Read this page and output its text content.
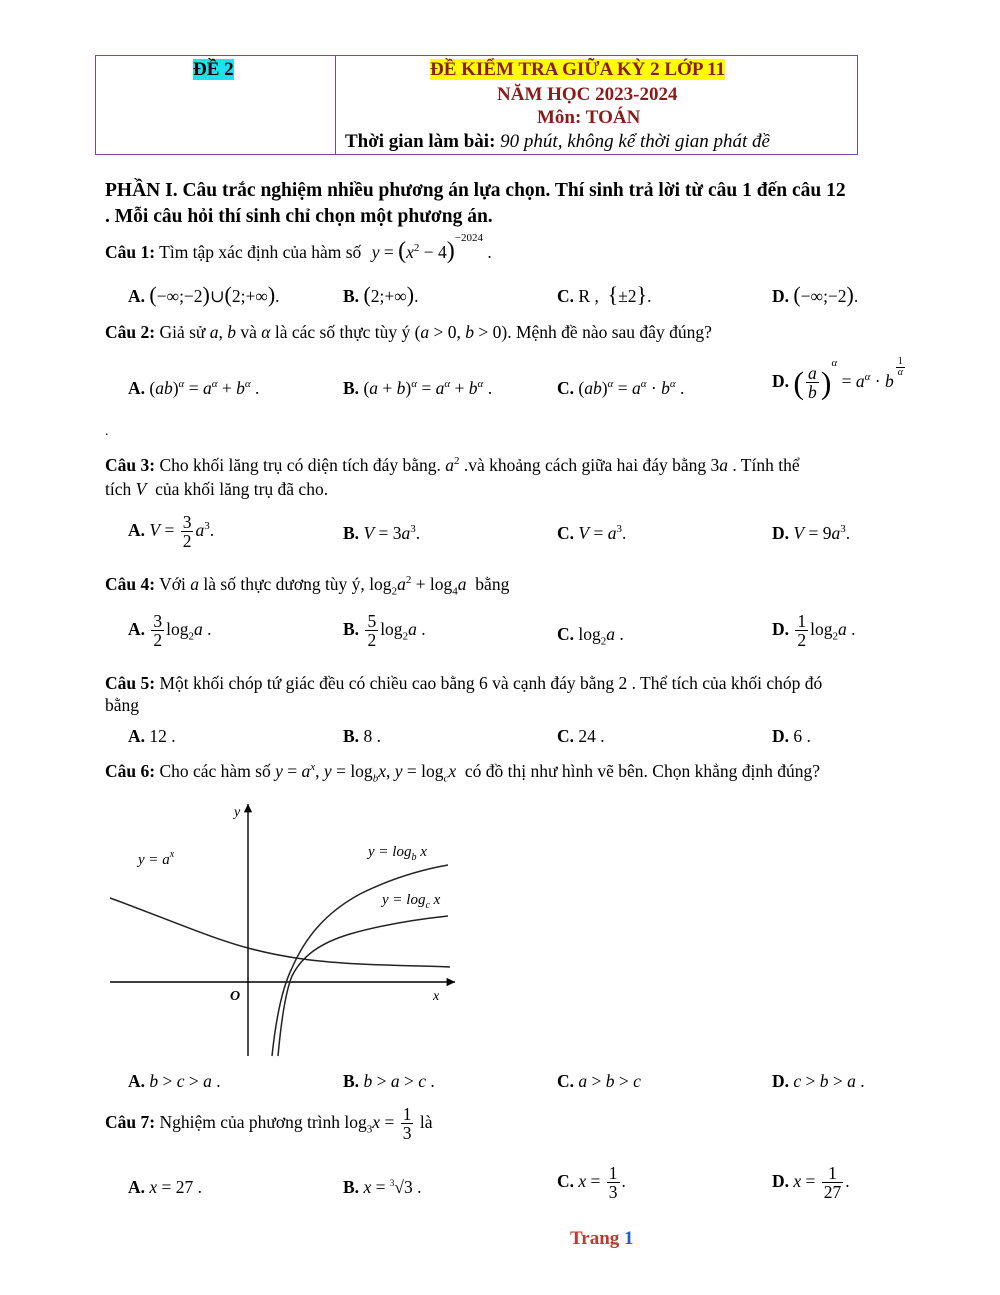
ĐỀ 2	ĐỀ KIỂM TRA GIỮA KỲ 2 LỚP 11
NĂM HỌC 2023-2024
Môn: TOÁN
Thời gian làm bài: 90 phút, không kể thời gian phát đề
PHẦN I. Câu trắc nghiệm nhiều phương án lựa chọn. Thí sinh trả lời từ câu 1 đến câu 12
. Mỗi câu hỏi thí sinh chỉ chọn một phương án.
Câu 1: Tìm tập xác định của hàm số $y = (x^2 - 4)^{-2024}$ .
A. (−∞;−2)∪(2;+∞).	B. (2;+∞).	C. R ,  {±2}.	D. (−∞;−2).
Câu 2: Giả sử a, b và α là các số thực tùy ý (a > 0, b > 0). Mệnh đề nào sau đây đúng?
A. $(ab)^\alpha = a^\alpha + b^\alpha$ .	B. $(a + b)^\alpha = a^\alpha + b^\alpha$ .	C. $(ab)^\alpha = a^\alpha \cdot b^\alpha$ .	D. ( $\frac{a}{b} )^\alpha = a^\alpha \cdot b$
$^{\frac{1}{\alpha}}$
.
Câu 3: Cho khối lăng trụ có diện tích đáy bằng. $a^2$ .và khoảng cách giữa hai đáy bằng 3a . Tính thể
tích V của khối lăng trụ đã cho.
A. $V = \frac{3}{2} a^3$.	B. $V = 3a^3$.	C. $V = a^3$.	D. $V = 9a^3$.
Câu 4: Với a là số thực dương tùy ý, $\log_2a^2 + \log_4a$ bằng
A. $\frac{3}{2} \log_2a$ .	B. $\frac{5}{2} \log_2a$ .	C. $\log_2a$ .	D. $\frac{1}{2} \log_2a$ .
Câu 5: Một khối chóp tứ giác đều có chiều cao bằng 6 và cạnh đáy bằng 2 . Thể tích của khối chóp đó
bằng
A. 12 .	B. 8 .	C. 24 .	D. 6 .
Câu 6: Cho các hàm số $y = a^x$, $y = \log_bx$, $y = \log_cx$ có đồ thị như hình vẽ bên. Chọn khẳng định đúng?
y
x
O
$y = a^x$	$y = \log_b x$
$y = \log_c x$
A. b > c > a .	B. b > a > c .	C. a > b > c	D. c > b > a .
Câu 7: Nghiệm của phương trình $\log_3x = \frac{1}{3}$ là
A. x = 27 .	B. x = $^3$√3 .	C. $x = \frac{1}{3}$ .	D. $x = \frac{1}{27}$ .
Trang 1
